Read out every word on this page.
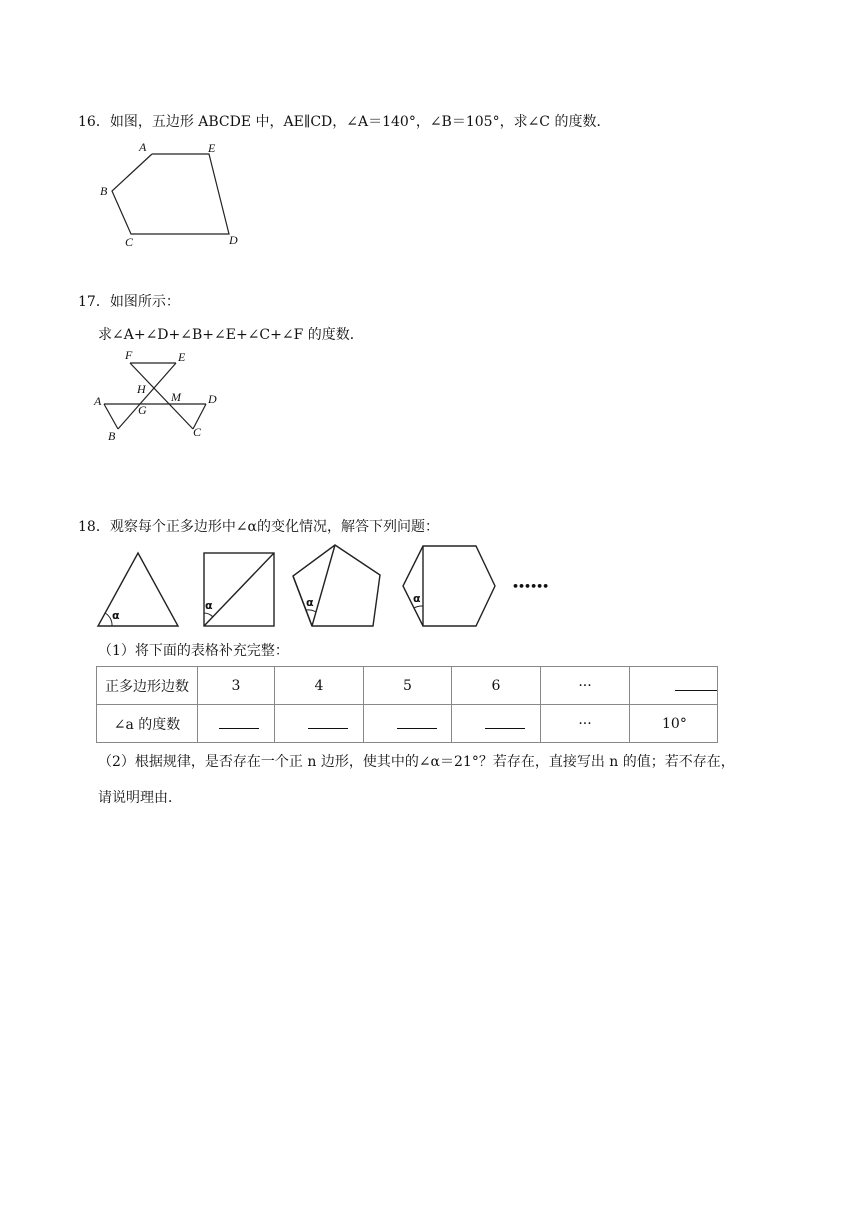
16．如图，五边形 ABCDE 中，AE∥CD，∠A＝140°，∠B＝105°，求∠C 的度数．
A	E
B
C	D
17．如图所示：
求∠A+∠D+∠B+∠E+∠C+∠F 的度数．
F	E
H
M
A
G
D
B	C
18．观察每个正多边形中∠α的变化情况，解答下列问题：
α
α	α	α
••••••
（1）将下面的表格补充完整：
正多边形边数	3	4	5	6	···	
∠a 的度数					···	10°
（2）根据规律，是否存在一个正 n 边形，使其中的∠α＝21°？若存在，直接写出 n 的值；若不存在，
请说明理由．
